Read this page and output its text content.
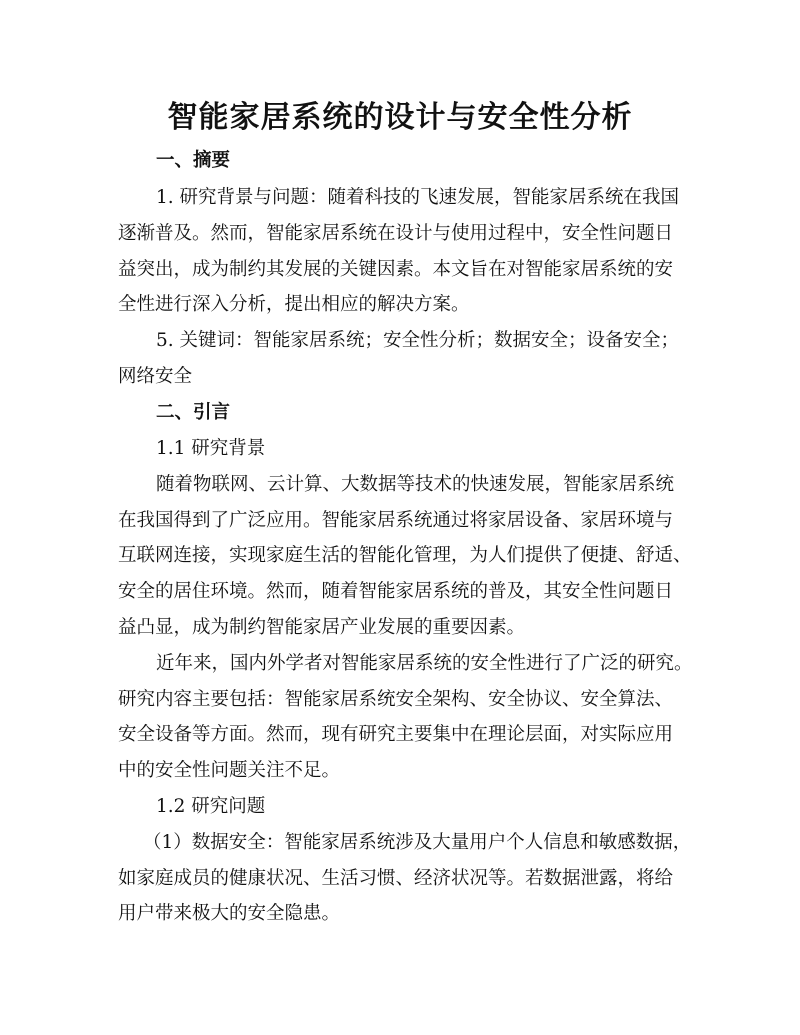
智能家居系统的设计与安全性分析
一、摘要
1. 研究背景与问题：随着科技的飞速发展，智能家居系统在我国
逐渐普及。然而，智能家居系统在设计与使用过程中，安全性问题日
益突出，成为制约其发展的关键因素。本文旨在对智能家居系统的安
全性进行深入分析，提出相应的解决方案。
5. 关键词：智能家居系统；安全性分析；数据安全；设备安全；
网络安全
二、引言
1.1 研究背景
随着物联网、云计算、大数据等技术的快速发展，智能家居系统
在我国得到了广泛应用。智能家居系统通过将家居设备、家居环境与
互联网连接，实现家庭生活的智能化管理，为人们提供了便捷、舒适、
安全的居住环境。然而，随着智能家居系统的普及，其安全性问题日
益凸显，成为制约智能家居产业发展的重要因素。
近年来，国内外学者对智能家居系统的安全性进行了广泛的研究。
研究内容主要包括：智能家居系统安全架构、安全协议、安全算法、
安全设备等方面。然而，现有研究主要集中在理论层面，对实际应用
中的安全性问题关注不足。
1.2 研究问题
（1）数据安全：智能家居系统涉及大量用户个人信息和敏感数据，
如家庭成员的健康状况、生活习惯、经济状况等。若数据泄露，将给
用户带来极大的安全隐患。
